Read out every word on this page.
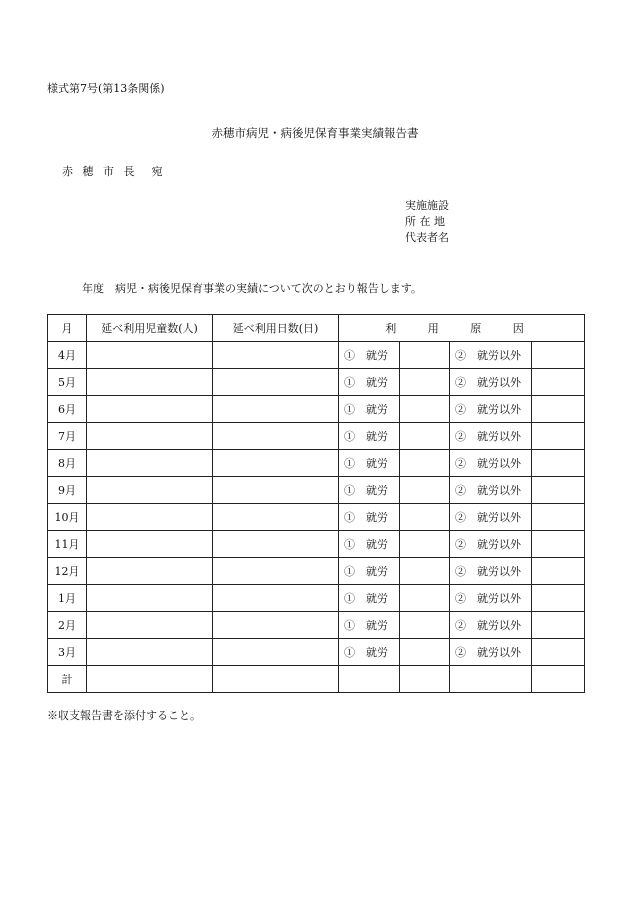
様式第7号(第13条関係)
赤穂市病児・病後児保育事業実績報告書
赤 穂 市 長　宛
実施施設
所 在 地
代表者名
年度　病児・病後児保育事業の実績について次のとおり報告します。
月	延べ利用児童数(人)	延べ利用日数(日)	利 用 原 因			
4月			①　就労		②　就労以外	
5月			①　就労		②　就労以外	
6月			①　就労		②　就労以外	
7月			①　就労		②　就労以外	
8月			①　就労		②　就労以外	
9月			①　就労		②　就労以外	
10月			①　就労		②　就労以外	
11月			①　就労		②　就労以外	
12月			①　就労		②　就労以外	
1月			①　就労		②　就労以外	
2月			①　就労		②　就労以外	
3月			①　就労		②　就労以外	
計						
※収支報告書を添付すること。
